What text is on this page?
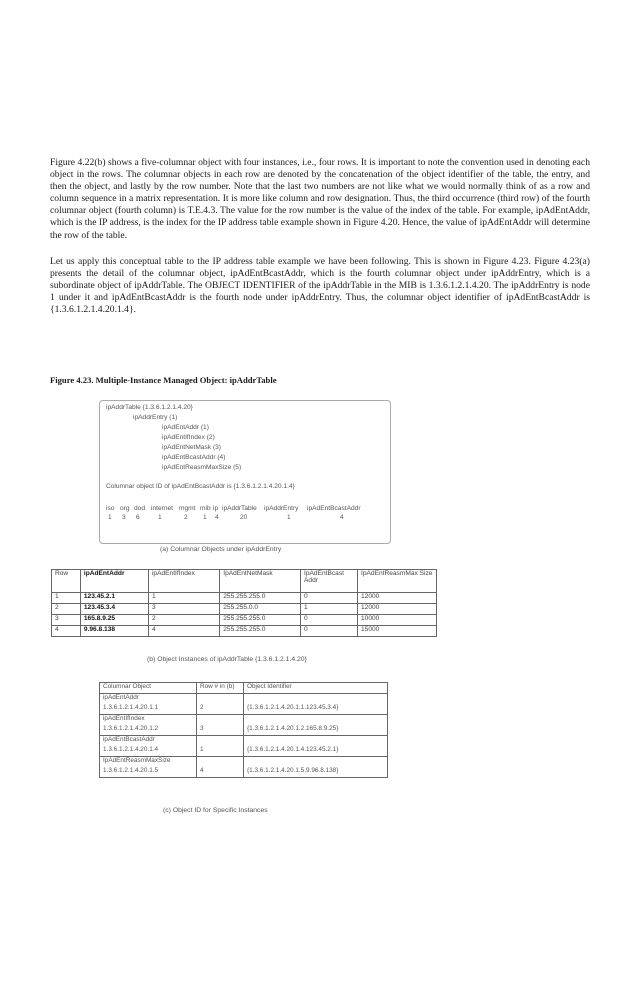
Figure 4.22(b) shows a five-columnar object with four instances, i.e., four rows. It is important to note the convention used in denoting each object in the rows. The columnar objects in each row are denoted by the concatenation of the object identifier of the table, the entry, and then the object, and lastly by the row number. Note that the last two numbers are not like what we would normally think of as a row and column sequence in a matrix representation. It is more like column and row designation. Thus, the third occurrence (third row) of the fourth columnar object (fourth column) is T.E.4.3. The value for the row number is the value of the index of the table. For example, ipAdEntAddr, which is the IP address, is the index for the IP address table example shown in Figure 4.20. Hence, the value of ipAdEntAddr will determine the row of the table.

Let us apply this conceptual table to the IP address table example we have been following. This is shown in Figure 4.23. Figure 4.23(a) presents the detail of the columnar object, ipAdEntBcastAddr, which is the fourth columnar object under ipAddrEntry, which is a subordinate object of ipAddrTable. The OBJECT IDENTIFIER of the ipAddrTable in the MIB is 1.3.6.1.2.1.4.20. The ipAddrEntry is node 1 under it and ipAdEntBcastAddr is the fourth node under ipAddrEntry. Thus, the columnar object identifier of ipAdEntBcastAddr is {1.3.6.1.2.1.4.20.1.4}.

Figure 4.23. Multiple-Instance Managed Object: ipAddrTable

ipAddrTable {1.3.6.1.2.1.4.20}
ipAddrEntry (1)
ipAdEntAddr (1)
ipAdEntIfIndex (2)
ipAdEntNetMask (3)
ipAdEntBcastAddr (4)
ipAdEntReasmMaxSize (5)
Columnar object ID of ipAdEntBcastAddr is {1.3.6.1.2.1.4.20.1.4}
iso org dod internet mgmt mib ip ipAddrTable ipAddrEntry ipAdEntBcastAddr
1 3 6	1	2 1 4	20	1	4
(a) Columnar Objects under ipAddrEntry
Row	ipAdEntAddr	ipAdEntIfIndex	IpAdEntNetMask	IpAdEntBcast Addr	IpAdEntReasmMax Size
1	123.45.2.1	1	255.255.255.0	0	12000
2	123.45.3.4	3	255.255.0.0	1	12000
3	165.8.9.25	2	255.255.255.0	0	10000
4	9.96.8.138	4	255.255.255.0	0	15000
(b) Object Instances of ipAddrTable {1.3.6.1.2.1.4.20}
Columnar Object	Row # in (b)	Object Identifier
ipAdEntAddr		
1.3.6.1.2.1.4.20.1.1	2	{1.3.6.1.2.1.4.20.1.1.123.45.3.4}
ipAdEntIfIndex		
1.3.6.1.2.1.4.20.1.2	3	{1.3.6.1.2.1.4.20.1.2.165.8.9.25}
ipAdEntBcastAddr		
1.3.6.1.2.1.4.20.1.4	1	{1.3.6.1.2.1.4.20.1.4.123.45.2.1}
IpAdEntReasmMaxSize		
1.3.6.1.2.1.4.20.1.5	4	{1.3.6.1.2.1.4.20.1.5.9.96.8.138}
(c) Object ID for Specific Instances
